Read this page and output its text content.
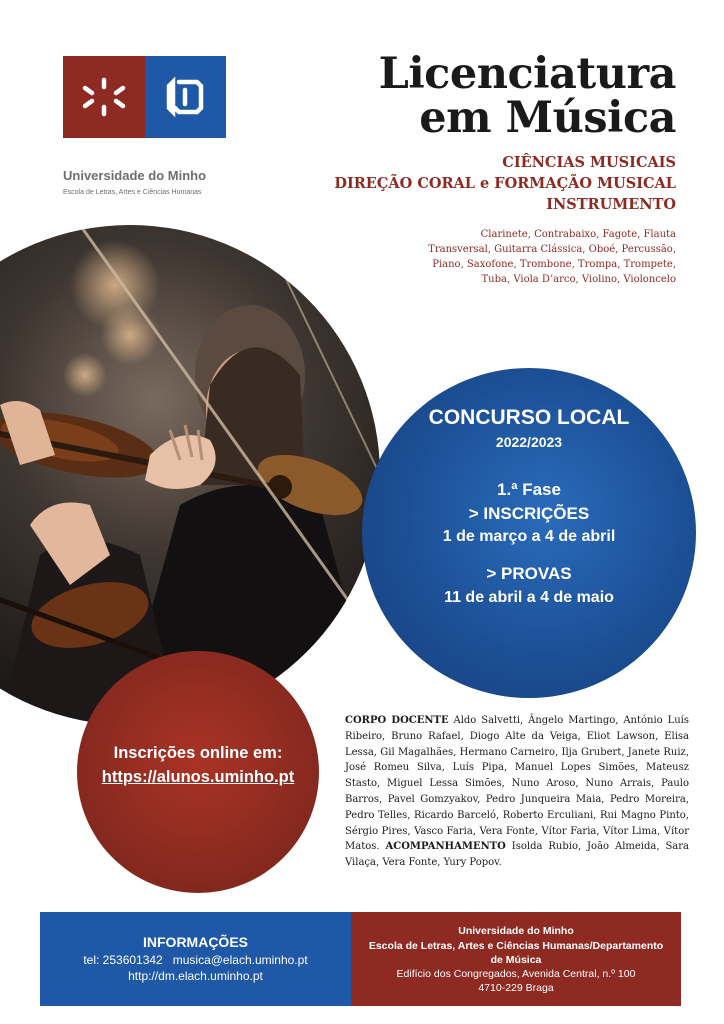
Universidade do Minho
Escola de Letras, Artes e Ciências Humanas
Licenciatura
em Música
CIÊNCIAS MUSICAIS
DIREÇÃO CORAL e FORMAÇÃO MUSICAL
INSTRUMENTO
Clarinete, Contrabaixo, Fagote, Flauta Transversal, Guitarra Clássica, Oboé, Percussão, Piano, Saxofone, Trombone, Trompa, Trompete, Tuba, Viola D’arco, Violino, Violoncelo
CONCURSO LOCAL
2022/2023
1.ª Fase
> INSCRIÇÕES
1 de março a 4 de abril
> PROVAS
11 de abril a 4 de maio
Inscrições online em:
https://alunos.uminho.pt
CORPO DOCENTE Aldo Salvetti, Ângelo Martingo, António Luís Ribeiro, Bruno Rafael, Diogo Alte da Veiga, Eliot Lawson, Elisa Lessa, Gil Magalhães, Hermano Carneiro, Ilja Grubert, Janete Ruiz, José Romeu Silva, Luís Pipa, Manuel Lopes Simões, Mateusz Stasto, Miguel Lessa Simões, Nuno Aroso, Nuno Arrais, Paulo Barros, Pavel Gomzyakov, Pedro Junqueira Maia, Pedro Moreira, Pedro Telles, Ricardo Barceló, Roberto Erculiani, Rui Magno Pinto, Sérgio Pires, Vasco Faria, Vera Fonte, Vítor Faria, Vítor Lima, Vítor Matos. ACOMPANHAMENTO Isolda Rubio, João Almeida, Sara Vilaça, Vera Fonte, Yury Popov.
INFORMAÇÕES
tel: 253601342   musica@elach.uminho.pt
http://dm.elach.uminho.pt
Universidade do Minho
Escola de Letras, Artes e Ciências Humanas/Departamento
de Música
Edifício dos Congregados, Avenida Central, n.º 100
4710-229 Braga
